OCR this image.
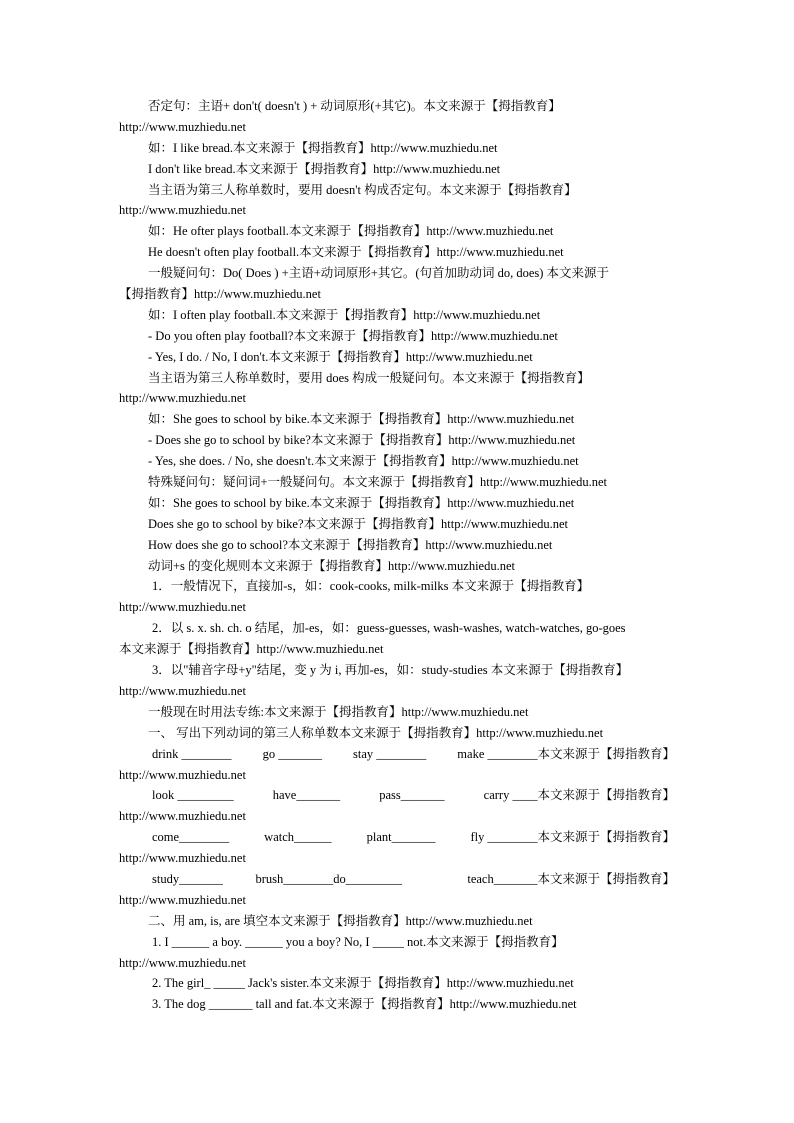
否定句：主语+ don't( doesn't ) + 动词原形(+其它)。本文来源于【拇指教育】
http://www.muzhiedu.net
如：I like bread.本文来源于【拇指教育】http://www.muzhiedu.net
I don't like bread.本文来源于【拇指教育】http://www.muzhiedu.net
当主语为第三人称单数时，要用 doesn't 构成否定句。本文来源于【拇指教育】
http://www.muzhiedu.net
如：He ofter plays football.本文来源于【拇指教育】http://www.muzhiedu.net
He doesn't often play football.本文来源于【拇指教育】http://www.muzhiedu.net
一般疑问句：Do( Does ) +主语+动词原形+其它。(句首加助动词 do, does) 本文来源于
【拇指教育】http://www.muzhiedu.net
如：I often play football.本文来源于【拇指教育】http://www.muzhiedu.net
- Do you often play football?本文来源于【拇指教育】http://www.muzhiedu.net
- Yes, I do. / No, I don't.本文来源于【拇指教育】http://www.muzhiedu.net
当主语为第三人称单数时，要用 does 构成一般疑问句。本文来源于【拇指教育】
http://www.muzhiedu.net
如：She goes to school by bike.本文来源于【拇指教育】http://www.muzhiedu.net
- Does she go to school by bike?本文来源于【拇指教育】http://www.muzhiedu.net
- Yes, she does. / No, she doesn't.本文来源于【拇指教育】http://www.muzhiedu.net
特殊疑问句：疑问词+一般疑问句。本文来源于【拇指教育】http://www.muzhiedu.net
如：She goes to school by bike.本文来源于【拇指教育】http://www.muzhiedu.net
Does she go to school by bike?本文来源于【拇指教育】http://www.muzhiedu.net
How does she go to school?本文来源于【拇指教育】http://www.muzhiedu.net
动词+s 的变化规则本文来源于【拇指教育】http://www.muzhiedu.net
1．一般情况下，直接加-s，如：cook-cooks, milk-milks 本文来源于【拇指教育】
http://www.muzhiedu.net
2．以 s. x. sh. ch. o 结尾，加-es，如：guess-guesses, wash-washes, watch-watches, go-goes
本文来源于【拇指教育】http://www.muzhiedu.net
3．以"辅音字母+y"结尾，变 y 为 i, 再加-es，如：study-studies 本文来源于【拇指教育】
http://www.muzhiedu.net
一般现在时用法专练:本文来源于【拇指教育】http://www.muzhiedu.net
一、 写出下列动词的第三人称单数本文来源于【拇指教育】http://www.muzhiedu.net
drink ________ go _______ stay ________ make ________本文来源于【拇指教育】
http://www.muzhiedu.net
look _________	have_______	pass_______	carry ____本文来源于【拇指教育】
http://www.muzhiedu.net
come________	watch______	plant_______	fly ________本文来源于【拇指教育】
http://www.muzhiedu.net
study_______	brush________do_________	teach_______本文来源于【拇指教育】
http://www.muzhiedu.net
二、用 am, is, are 填空本文来源于【拇指教育】http://www.muzhiedu.net
1. I ______ a boy. ______ you a boy? No, I _____ not.本文来源于【拇指教育】
http://www.muzhiedu.net
2. The girl_ _____ Jack's sister.本文来源于【拇指教育】http://www.muzhiedu.net
3. The dog _______ tall and fat.本文来源于【拇指教育】http://www.muzhiedu.net
